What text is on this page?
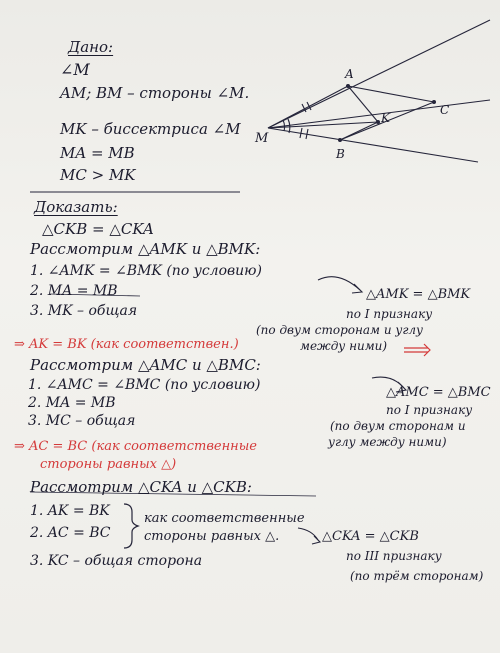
Дано:
∠M
AM; BM – стороны ∠M.
MK – биссектриса ∠M
MA = MB
MC > MK
M
A
B
K
C
Доказать:
△CKB = △CKA
Рассмотрим △AMK и △BMK:
1. ∠AMK = ∠BMK (по условию)
2. MA = MB
3. MK – общая
△AMK = △BMK
по I признаку
(по двум сторонам и углу
между ними)
⇒ AK = BK (как соответствен.)
Рассмотрим △AMC и △BMC:
1. ∠AMC = ∠BMC (по условию)
2. MA = MB
3. MC – общая
△AMC = △BMC
по I признаку
(по двум сторонам и
углу между ними)
⇒ AC = BC (как соответственные
стороны равных △)
Рассмотрим △CKA и △CKB:
1. AK = BK
2. AC = BC
как соответственные
стороны равных △.
3. KC – общая сторона
△CKA = △CKB
по III признаку
(по трём сторонам)
